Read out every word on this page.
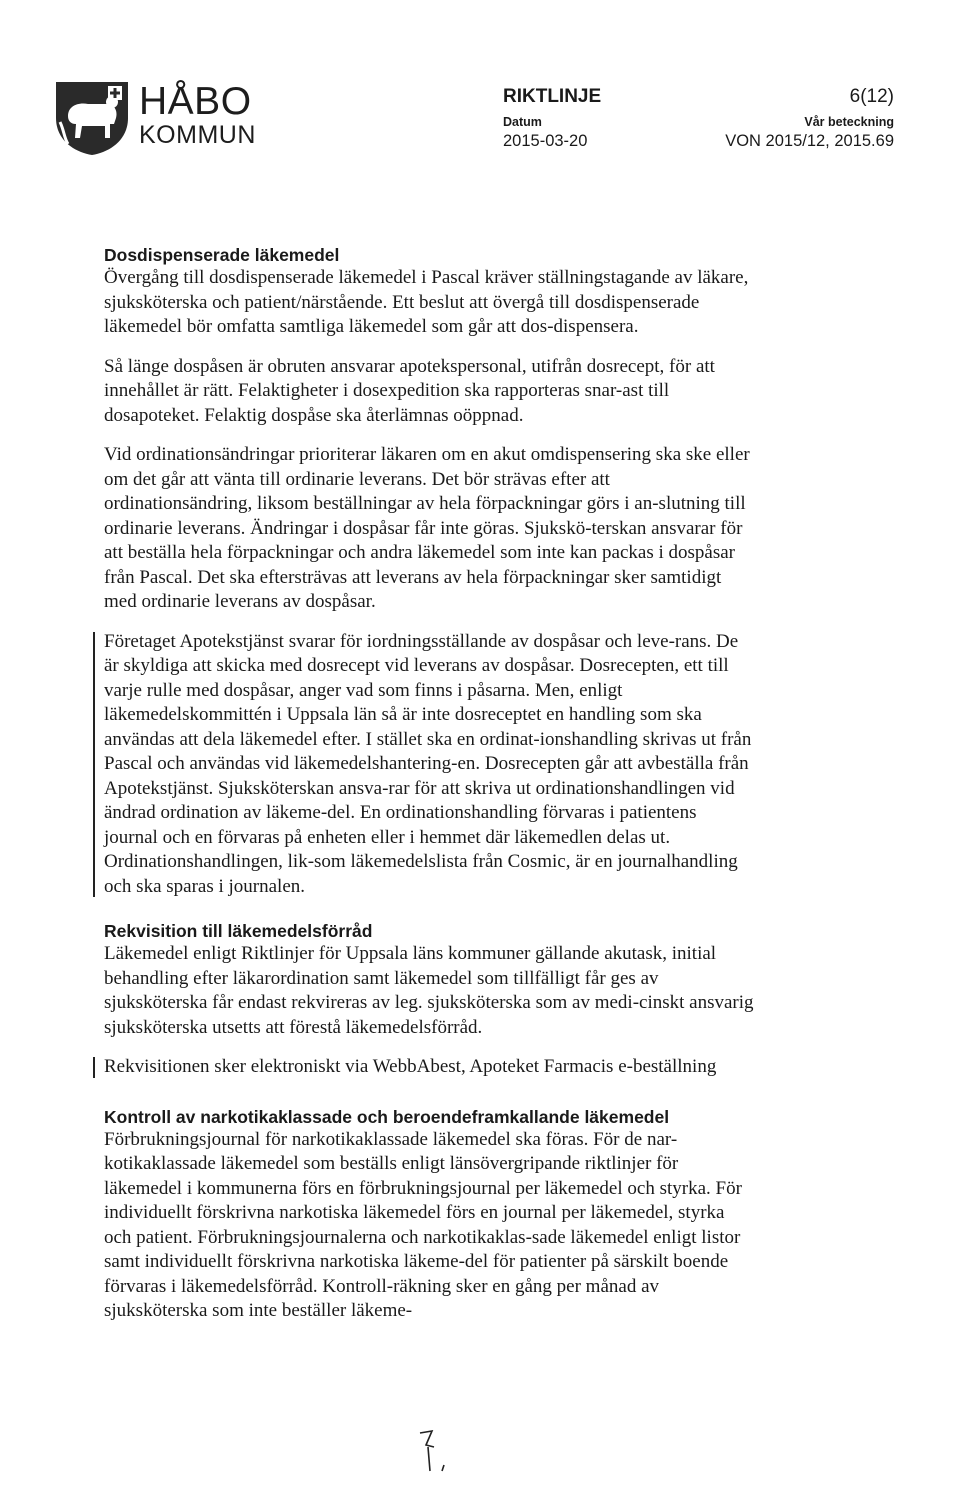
HÅBO
KOMMUN
RIKTLINJE	6(12)
Datum
2015-03-20
Vår beteckning
VON 2015/12, 2015.69
Dosdispenserade läkemedel

Övergång till dosdispenserade läkemedel i Pascal kräver ställningstagande av läkare, sjuksköterska och patient/närstående. Ett beslut att övergå till dosdispenserade läkemedel bör omfatta samtliga läkemedel som går att dos-dispensera.

Så länge dospåsen är obruten ansvarar apotekspersonal, utifrån dosrecept, för att innehållet är rätt. Felaktigheter i dosexpedition ska rapporteras snar-ast till dosapoteket. Felaktig dospåse ska återlämnas oöppnad.

Vid ordinationsändringar prioriterar läkaren om en akut omdispensering ska ske eller om det går att vänta till ordinarie leverans. Det bör strävas efter att ordinationsändring, liksom beställningar av hela förpackningar görs i an-slutning till ordinarie leverans. Ändringar i dospåsar får inte göras. Sjukskö-terskan ansvarar för att beställa hela förpackningar och andra läkemedel som inte kan packas i dospåsar från Pascal. Det ska eftersträvas att leverans av hela förpackningar sker samtidigt med ordinarie leverans av dospåsar.

Företaget Apotekstjänst svarar för iordningsställande av dospåsar och leve-rans. De är skyldiga att skicka med dosrecept vid leverans av dospåsar. Dosrecepten, ett till varje rulle med dospåsar, anger vad som finns i påsarna. Men, enligt läkemedelskommittén i Uppsala län så är inte dosreceptet en handling som ska användas att dela läkemedel efter. I stället ska en ordinat-ionshandling skrivas ut från Pascal och användas vid läkemedelshantering-en. Dosrecepten går att avbeställa från Apotekstjänst. Sjuksköterskan ansva-rar för att skriva ut ordinationshandlingen vid ändrad ordination av läkeme-del. En ordinationshandling förvaras i patientens journal och en förvaras på enheten eller i hemmet där läkemedlen delas ut. Ordinationshandlingen, lik-som läkemedelslista från Cosmic, är en journalhandling och ska sparas i journalen.

Rekvisition till läkemedelsförråd

Läkemedel enligt Riktlinjer för Uppsala läns kommuner gällande akutask, initial behandling efter läkarordination samt läkemedel som tillfälligt får ges av sjuksköterska får endast rekvireras av leg. sjuksköterska som av medi-cinskt ansvarig sjuksköterska utsetts att förestå läkemedelsförråd.

Rekvisitionen sker elektroniskt via WebbAbest, Apoteket Farmacis e-beställning

Kontroll av narkotikaklassade och beroendeframkallande läkemedel

Förbrukningsjournal för narkotikaklassade läkemedel ska föras. För de nar-kotikaklassade läkemedel som beställs enligt länsövergripande riktlinjer för läkemedel i kommunerna förs en förbrukningsjournal per läkemedel och styrka. För individuellt förskrivna narkotiska läkemedel förs en journal per läkemedel, styrka och patient. Förbrukningsjournalerna och narkotikaklas-sade läkemedel enligt listor samt individuellt förskrivna narkotiska läkeme-del för patienter på särskilt boende förvaras i läkemedelsförråd. Kontroll-räkning sker en gång per månad av sjuksköterska som inte beställer läkeme-
